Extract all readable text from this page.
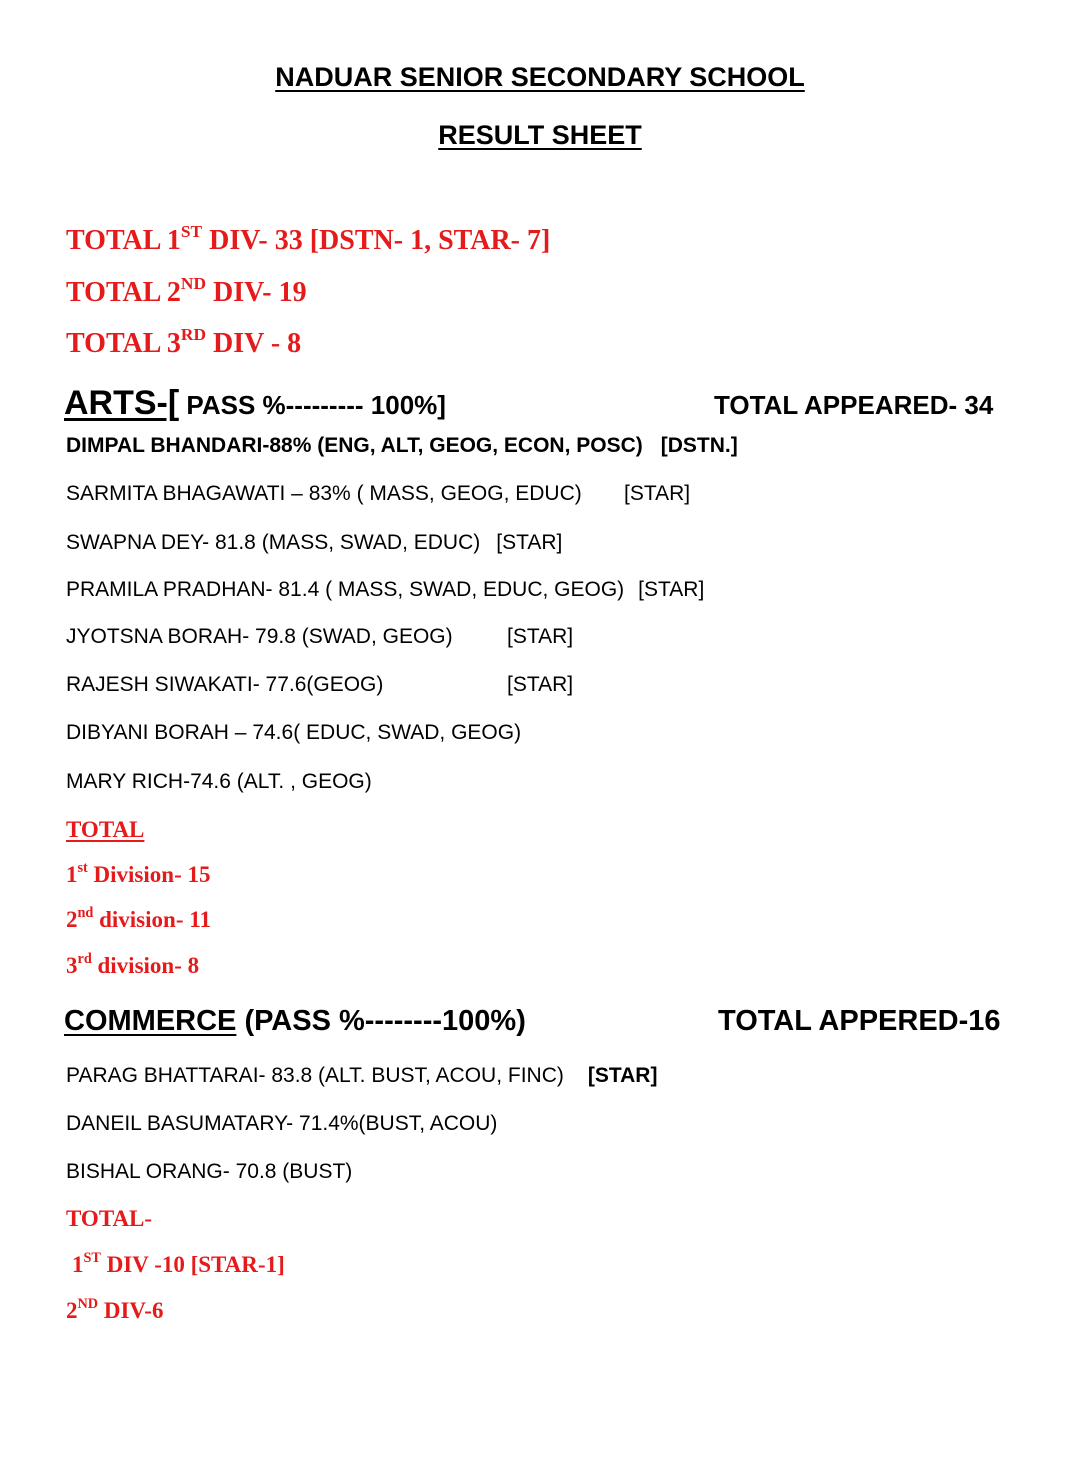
NADUAR SENIOR SECONDARY SCHOOL
RESULT SHEET
TOTAL 1ST DIV- 33 [DSTN- 1, STAR- 7]
TOTAL 2ND DIV- 19
TOTAL 3RD DIV - 8
ARTS-[ PASS %--------- 100%]	TOTAL APPEARED- 34
DIMPAL BHANDARI-88% (ENG, ALT, GEOG, ECON, POSC) [DSTN.]
SARMITA BHAGAWATI – 83% ( MASS, GEOG, EDUC) [STAR]
SWAPNA DEY- 81.8 (MASS, SWAD, EDUC) [STAR]
PRAMILA PRADHAN- 81.4 ( MASS, SWAD, EDUC, GEOG) [STAR]
JYOTSNA BORAH- 79.8 (SWAD, GEOG)	[STAR]
RAJESH SIWAKATI- 77.6(GEOG)	[STAR]
DIBYANI BORAH – 74.6( EDUC, SWAD, GEOG)
MARY RICH-74.6 (ALT. , GEOG)
TOTAL
1st Division- 15
2nd division- 11
3rd division- 8
COMMERCE (PASS %--------100%)	TOTAL APPERED-16
PARAG BHATTARAI- 83.8 (ALT. BUST, ACOU, FINC) [STAR]
DANEIL BASUMATARY- 71.4%(BUST, ACOU)
BISHAL ORANG- 70.8 (BUST)
TOTAL-
1ST DIV -10 [STAR-1]
2ND DIV-6
